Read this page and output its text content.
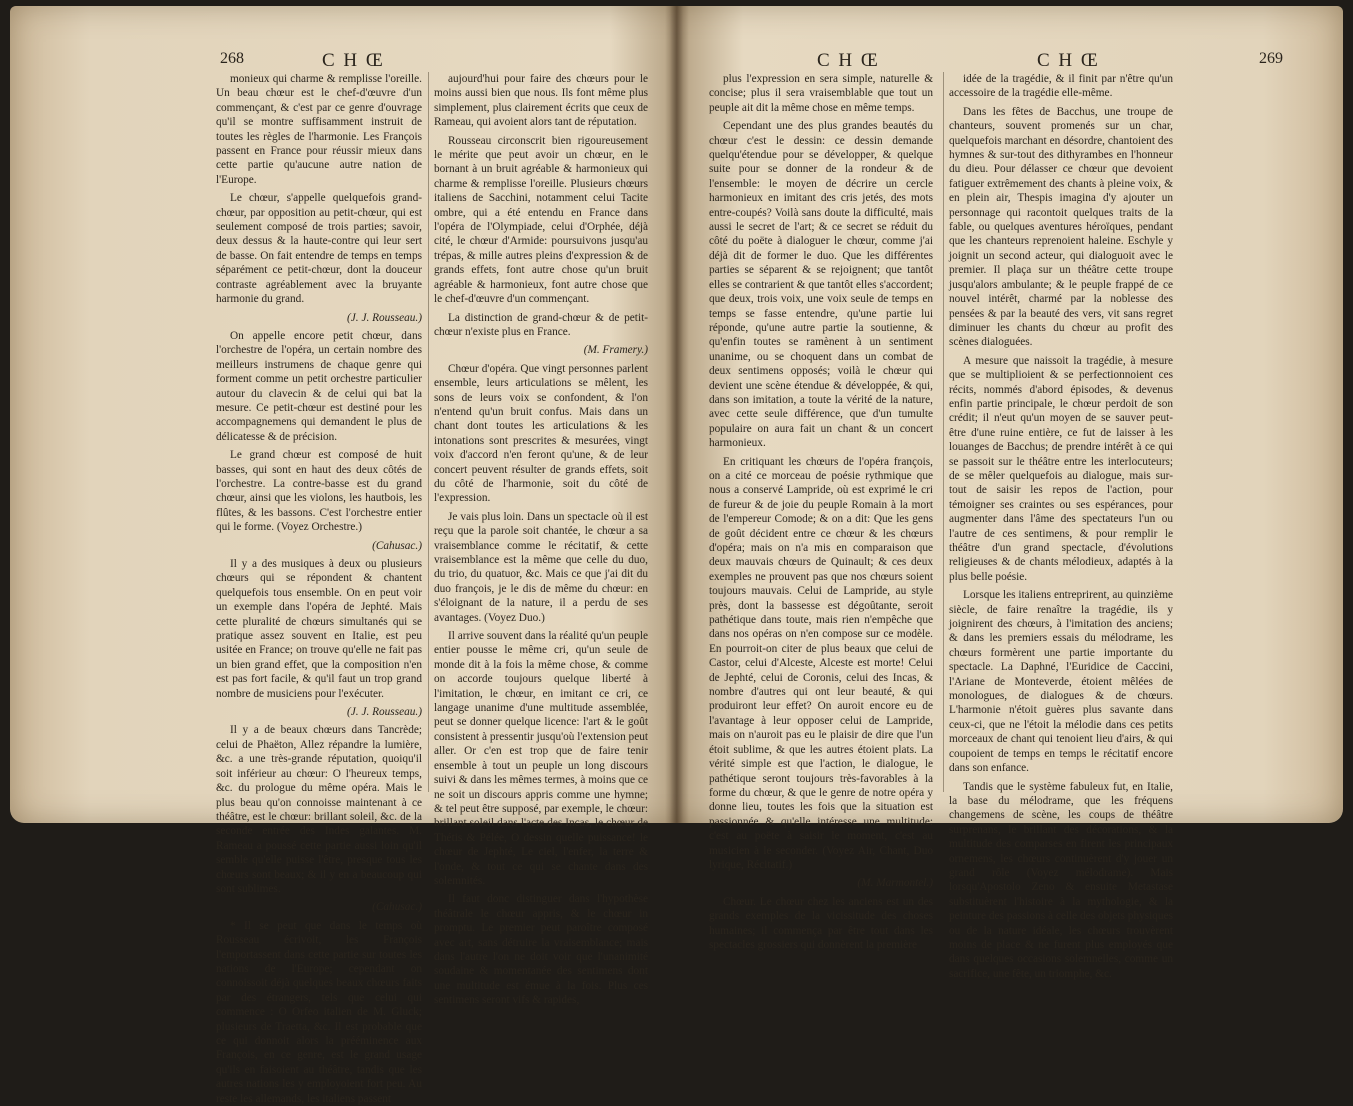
268	C H Œ

monieux qui charme & remplisse l'oreille. Un beau chœur est le chef-d'œuvre d'un commençant, & c'est par ce genre d'ouvrage qu'il se montre suffisamment instruit de toutes les règles de l'harmonie. Les François passent en France pour réussir mieux dans cette partie qu'aucune autre nation de l'Europe.

Le chœur, s'appelle quelquefois grand-chœur, par opposition au petit-chœur, qui est seulement composé de trois parties; savoir, deux dessus & la haute-contre qui leur sert de basse. On fait entendre de temps en temps séparément ce petit-chœur, dont la douceur contraste agréablement avec la bruyante harmonie du grand.

(J. J. Rousseau.)

On appelle encore petit chœur, dans l'orchestre de l'opéra, un certain nombre des meilleurs instrumens de chaque genre qui forment comme un petit orchestre particulier autour du clavecin & de celui qui bat la mesure. Ce petit-chœur est destiné pour les accompagnemens qui demandent le plus de délicatesse & de précision.

Le grand chœur est composé de huit basses, qui sont en haut des deux côtés de l'orchestre. La contre-basse est du grand chœur, ainsi que les violons, les hautbois, les flûtes, & les bassons. C'est l'orchestre entier qui le forme. (Voyez Orchestre.)

(Cahusac.)

Il y a des musiques à deux ou plusieurs chœurs qui se répondent & chantent quelquefois tous ensemble. On en peut voir un exemple dans l'opéra de Jephté. Mais cette pluralité de chœurs simultanés qui se pratique assez souvent en Italie, est peu usitée en France; on trouve qu'elle ne fait pas un bien grand effet, que la composition n'en est pas fort facile, & qu'il faut un trop grand nombre de musiciens pour l'exécuter.

(J. J. Rousseau.)

Il y a de beaux chœurs dans Tancrède; celui de Phaëton, Allez répandre la lumière, &c. a une très-grande réputation, quoiqu'il soit inférieur au chœur: O l'heureux temps, &c. du prologue du même opéra. Mais le plus beau qu'on connoisse maintenant à ce théâtre, est le chœur: brillant soleil, &c. de la seconde entrée des Indes galantes. M. Rameau a poussé cette partie aussi loin qu'il semble qu'elle puisse l'être, presque tous les chœurs sont beaux; & il y en a beaucoup qui sont sublimes.

(Cahusac.)

* Il se peut que dans le temps où Rousseau écrivoit, les François l'emportassent dans cette partie sur toutes les nations de l'Europe; cependant on connoissoit déjà quelques beaux chœurs faits par des étrangers, tels que celui qui commence : O Orfeo italien de M. Gluck; plusieurs de Traetta, &c. Il est probable que ce qui donnoit alors la prééminence aux François, en ce genre, est le grand usage qu'ils en faisoient au théâtre, tandis que les autres nations les y employoient fort peu. Au reste les allemands, les italiens passent

aujourd'hui pour faire des chœurs pour le moins aussi bien que nous. Ils font même plus simplement, plus clairement écrits que ceux de Rameau, qui avoient alors tant de réputation.

Rousseau circonscrit bien rigoureusement le mérite que peut avoir un chœur, en le bornant à un bruit agréable & harmonieux qui charme & remplisse l'oreille. Plusieurs chœurs italiens de Sacchini, notamment celui Tacite ombre, qui a été entendu en France dans l'opéra de l'Olympiade, celui d'Orphée, déjà cité, le chœur d'Armide: poursuivons jusqu'au trépas, & mille autres pleins d'expression & de grands effets, font autre chose qu'un bruit agréable & harmonieux, font autre chose que le chef-d'œuvre d'un commençant.

La distinction de grand-chœur & de petit-chœur n'existe plus en France.

(M. Framery.)

Chœur d'opéra. Que vingt personnes parlent ensemble, leurs articulations se mêlent, les sons de leurs voix se confondent, & l'on n'entend qu'un bruit confus. Mais dans un chant dont toutes les articulations & les intonations sont prescrites & mesurées, vingt voix d'accord n'en feront qu'une, & de leur concert peuvent résulter de grands effets, soit du côté de l'harmonie, soit du côté de l'expression.

Je vais plus loin. Dans un spectacle où il est reçu que la parole soit chantée, le chœur a sa vraisemblance comme le récitatif, & cette vraisemblance est la même que celle du duo, du trio, du quatuor, &c. Mais ce que j'ai dit du duo françois, je le dis de même du chœur: en s'éloignant de la nature, il a perdu de ses avantages. (Voyez Duo.)

Il arrive souvent dans la réalité qu'un peuple entier pousse le même cri, qu'un seule de monde dit à la fois la même chose, & comme on accorde toujours quelque liberté à l'imitation, le chœur, en imitant ce cri, ce langage unanime d'une multitude assemblée, peut se donner quelque licence: l'art & le goût consistent à pressentir jusqu'où l'extension peut aller. Or c'en est trop que de faire tenir ensemble à tout un peuple un long discours suivi & dans les mêmes termes, à moins que ce ne soit un discours appris comme une hymne; & tel peut être supposé, par exemple, le chœur: brillant soleil dans l'acte des Incas, le chœur de Thétis & Pélée, O dessin quelle puissance! le chœur de Jephté, Le ciel, l'enfer, la terre & l'onde, & tout ce qui se chante dans des solemnités.

Il faut donc distinguer dans l'hypothèse théâtrale le chœur appris, & le chœur in promptu. Le premier peut paroître composé avec art, sans détruire la vraisemblance; mais dans l'autre l'on ne doit voir que l'unanimité soudaine & momentanée des sentimens dont une multitude est émue à la fois. Plus ces sentimens seront vifs & rapides,

C H Œ	C H Œ	269

plus l'expression en sera simple, naturelle & concise; plus il sera vraisemblable que tout un peuple ait dit la même chose en même temps.

Cependant une des plus grandes beautés du chœur c'est le dessin: ce dessin demande quelqu'étendue pour se développer, & quelque suite pour se donner de la rondeur & de l'ensemble: le moyen de décrire un cercle harmonieux en imitant des cris jetés, des mots entre-coupés? Voilà sans doute la difficulté, mais aussi le secret de l'art; & ce secret se réduit du côté du poëte à dialoguer le chœur, comme j'ai déjà dit de former le duo. Que les différentes parties se séparent & se rejoignent; que tantôt elles se contrarient & que tantôt elles s'accordent; que deux, trois voix, une voix seule de temps en temps se fasse entendre, qu'une partie lui réponde, qu'une autre partie la soutienne, & qu'enfin toutes se ramènent à un sentiment unanime, ou se choquent dans un combat de deux sentimens opposés; voilà le chœur qui devient une scène étendue & développée, & qui, dans son imitation, a toute la vérité de la nature, avec cette seule différence, que d'un tumulte populaire on aura fait un chant & un concert harmonieux.

En critiquant les chœurs de l'opéra françois, on a cité ce morceau de poésie rythmique que nous a conservé Lampride, où est exprimé le cri de fureur & de joie du peuple Romain à la mort de l'empereur Comode; & on a dit: Que les gens de goût décident entre ce chœur & les chœurs d'opéra; mais on n'a mis en comparaison que deux mauvais chœurs de Quinault; & ces deux exemples ne prouvent pas que nos chœurs soient toujours mauvais. Celui de Lampride, au style près, dont la bassesse est dégoûtante, seroit pathétique dans toute, mais rien n'empêche que dans nos opéras on n'en compose sur ce modèle. En pourroit-on citer de plus beaux que celui de Castor, celui d'Alceste, Alceste est morte! Celui de Jephté, celui de Coronis, celui des Incas, & nombre d'autres qui ont leur beauté, & qui produiront leur effet? On auroit encore eu de l'avantage à leur opposer celui de Lampride, mais on n'auroit pas eu le plaisir de dire que l'un étoit sublime, & que les autres étoient plats. La vérité simple est que l'action, le dialogue, le pathétique seront toujours très-favorables à la forme du chœur, & que le genre de notre opéra y donne lieu, toutes les fois que la situation est passionnée & qu'elle intéresse une multitude: c'est au poëte à saisir le moment, c'est au musicien à le seconder. (Voyez Air, Chant, Duo lyrique, Récitatif.)

(M. Marmontel.)

Chœur. Le chœur chez les anciens est un des grands exemples de la vicissitude des choses humaines; il commença par être tout dans les spectacles grossiers qui donnèrent la première

idée de la tragédie, & il finit par n'être qu'un accessoire de la tragédie elle-même.

Dans les fêtes de Bacchus, une troupe de chanteurs, souvent promenés sur un char, quelquefois marchant en désordre, chantoient des hymnes & sur-tout des dithyrambes en l'honneur du dieu. Pour délasser ce chœur que devoient fatiguer extrêmement des chants à pleine voix, & en plein air, Thespis imagina d'y ajouter un personnage qui racontoit quelques traits de la fable, ou quelques aventures héroïques, pendant que les chanteurs reprenoient haleine. Eschyle y joignit un second acteur, qui dialoguoit avec le premier. Il plaça sur un théâtre cette troupe jusqu'alors ambulante; & le peuple frappé de ce nouvel intérêt, charmé par la noblesse des pensées & par la beauté des vers, vit sans regret diminuer les chants du chœur au profit des scènes dialoguées.

A mesure que naissoit la tragédie, à mesure que se multiplioient & se perfectionnoient ces récits, nommés d'abord épisodes, & devenus enfin partie principale, le chœur perdoit de son crédit; il n'eut qu'un moyen de se sauver peut-être d'une ruine entière, ce fut de laisser à les louanges de Bacchus; de prendre intérêt à ce qui se passoit sur le théâtre entre les interlocuteurs; de se mêler quelquefois au dialogue, mais sur-tout de saisir les repos de l'action, pour témoigner ses craintes ou ses espérances, pour augmenter dans l'âme des spectateurs l'un ou l'autre de ces sentimens, & pour remplir le théâtre d'un grand spectacle, d'évolutions religieuses & de chants mélodieux, adaptés à la plus belle poésie.

Lorsque les italiens entreprirent, au quinzième siècle, de faire renaître la tragédie, ils y joignirent des chœurs, à l'imitation des anciens; & dans les premiers essais du mélodrame, les chœurs formèrent une partie importante du spectacle. La Daphné, l'Euridice de Caccini, l'Ariane de Monteverde, étoient mêlées de monologues, de dialogues & de chœurs. L'harmonie n'étoit guères plus savante dans ceux-ci, que ne l'étoit la mélodie dans ces petits morceaux de chant qui tenoient lieu d'airs, & qui coupoient de temps en temps le récitatif encore dans son enfance.

Tandis que le système fabuleux fut, en Italie, la base du mélodrame, que les fréquens changemens de scène, les coups de théâtre surprenans, le brillant des décorations, & la multitude des comparses en firent les principaux ornemens, les chœurs continuèrent d'y jouer un grand rôle (Voyez mélodrame). Mais lorsqu'Apostolo Zeno & ensuite Metastase substituèrent l'histoire à la mythologie, & la peinture des passions à celle des objets physiques ou de la nature idéale, les chœurs trouvèrent moins de place & ne furent plus employés que dans quelques occasions solemnelles, comme un sacrifice, une fête, un triomphe, &c.
